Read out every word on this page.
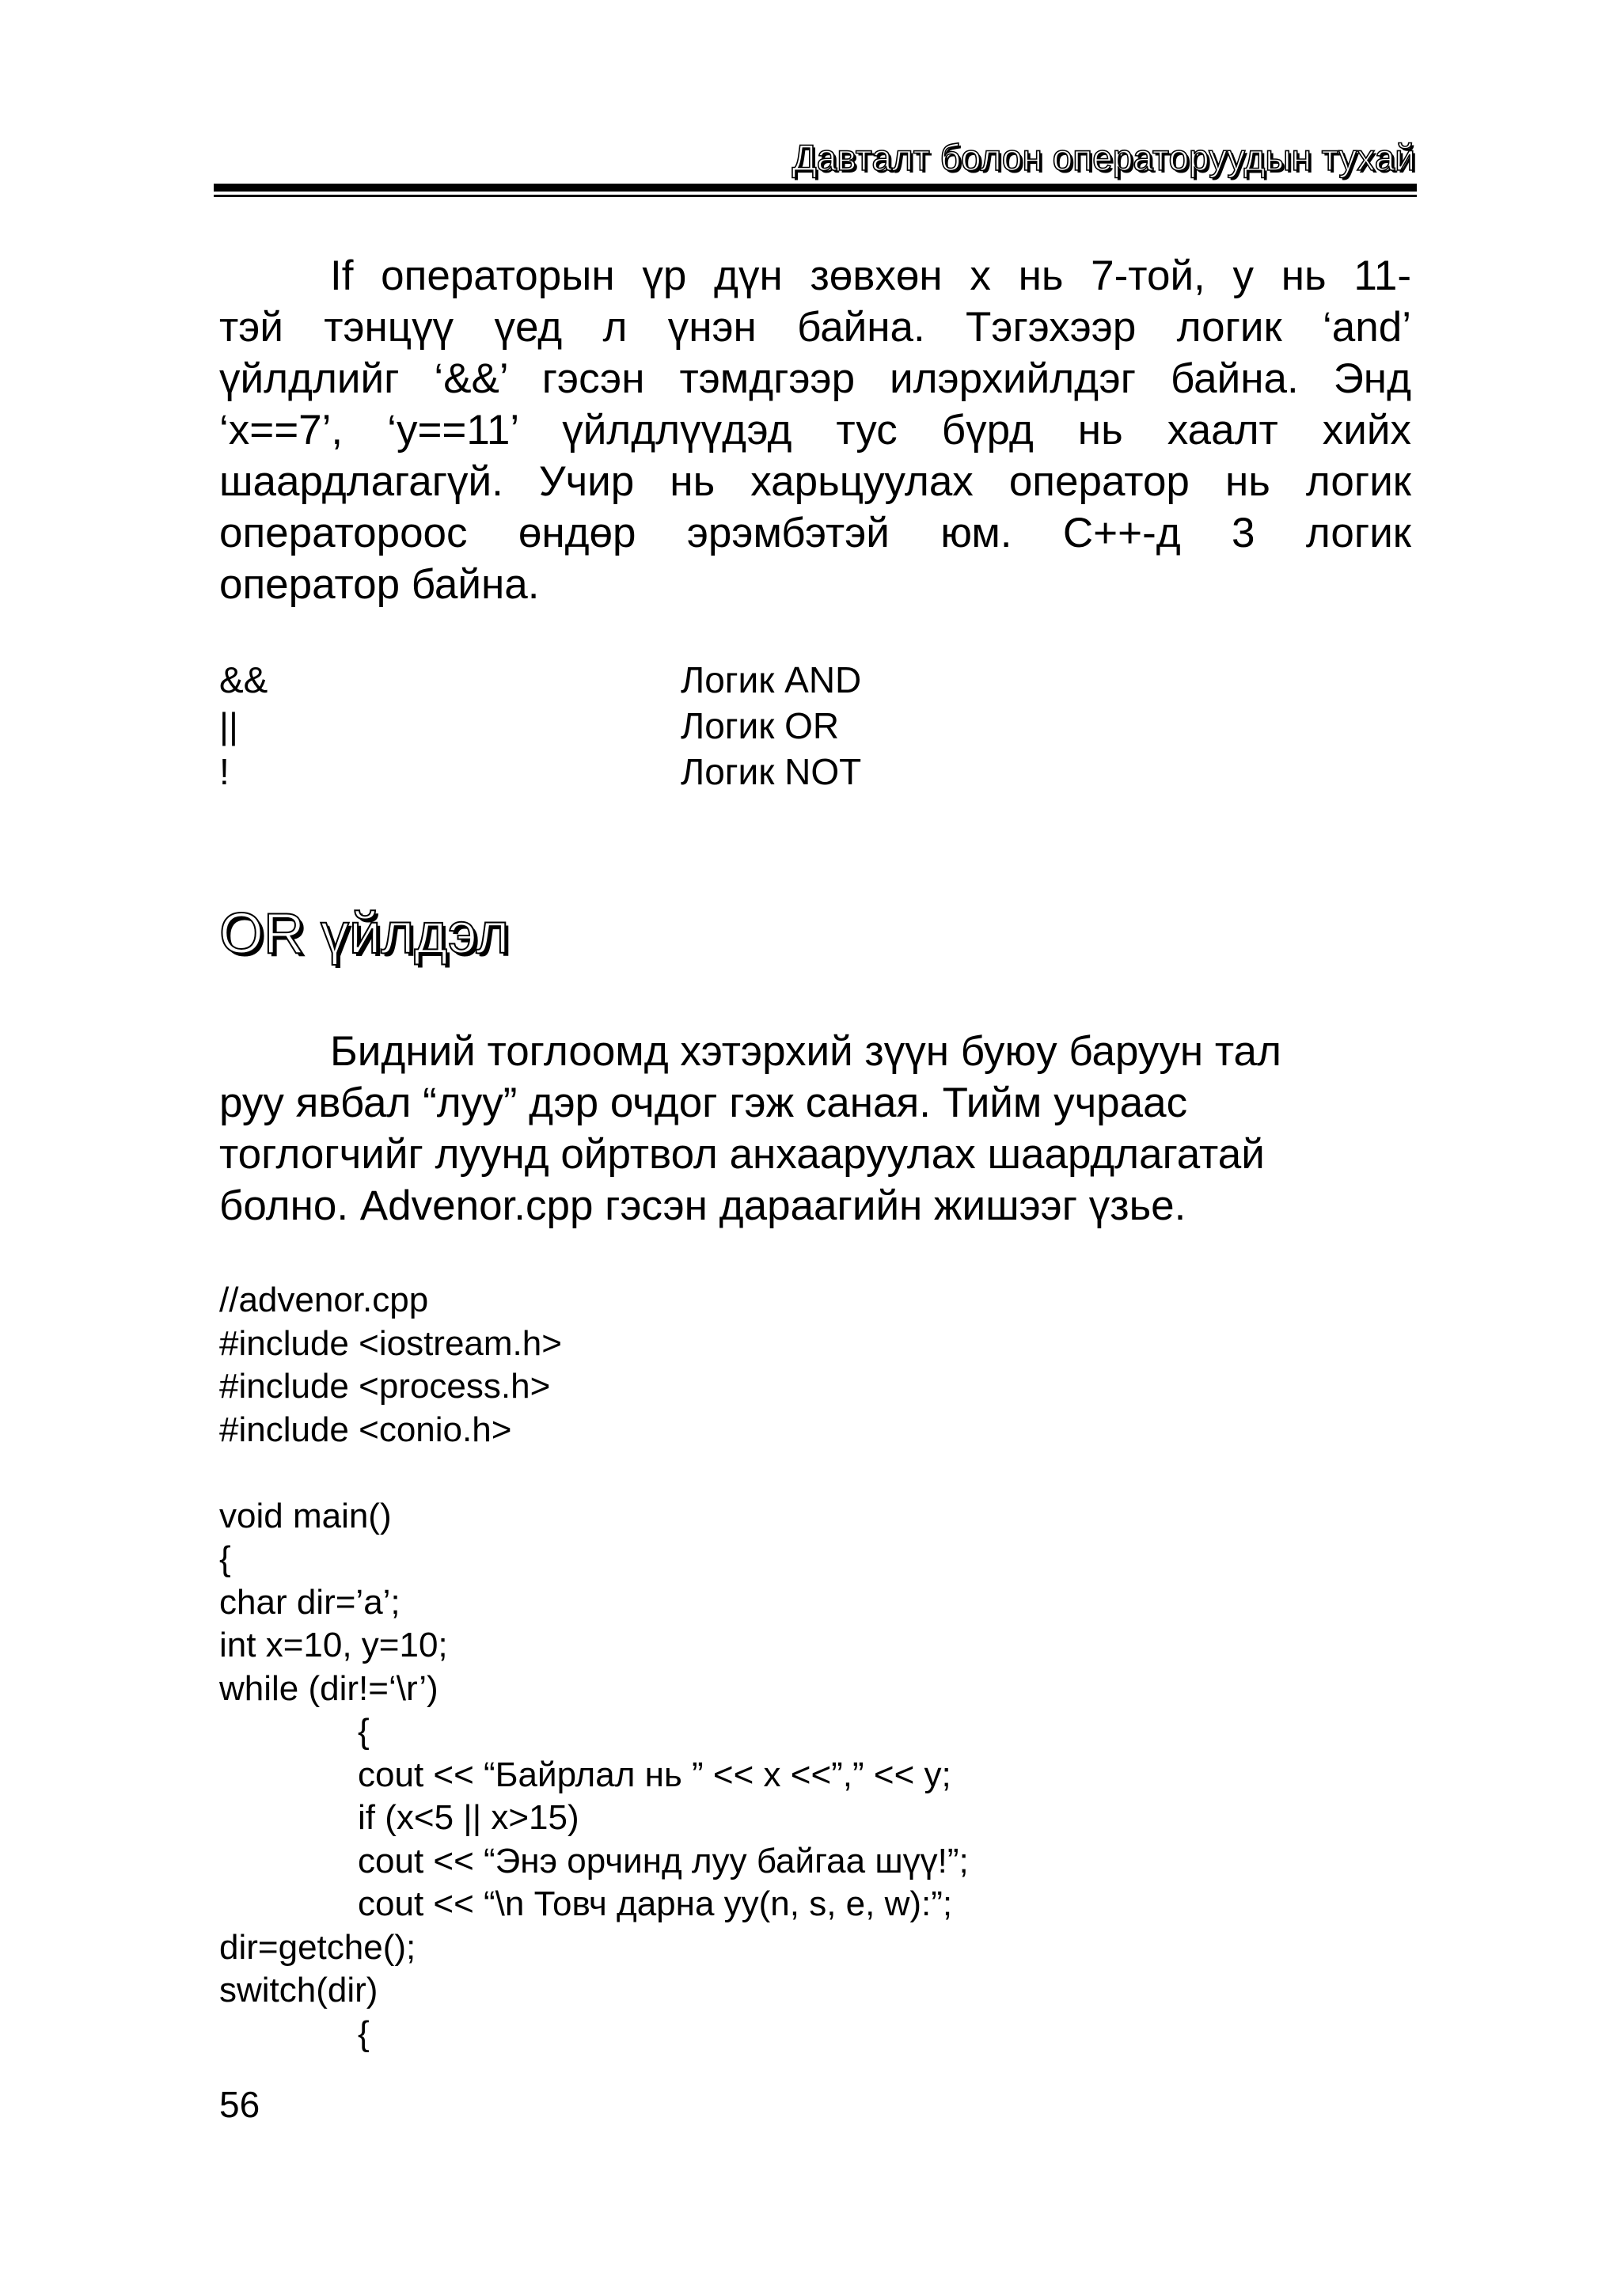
Давталт болон операторуудын тухай
If операторын үр дүн зөвхөн x нь 7-той, y нь 11-
тэй тэнцүү үед л үнэн байна. Тэгэхээр логик ‘and’
үйлдлийг ‘&&’ гэсэн тэмдгээр илэрхийлдэг байна. Энд
‘x==7’, ‘y==11’ үйлдлүүдэд тус бүрд нь хаалт хийх
шаардлагагүй. Учир нь харьцуулах оператор нь логик
оператороос өндөр эрэмбэтэй юм. C++-д 3 логик
оператор байна.
&&	Логик AND
||	Логик OR
!	Логик NOT
OR үйлдэл
Бидний тоглоомд хэтэрхий зүүн буюу баруун тал
руу явбал “луу” дэр очдог гэж саная. Тийм учраас
тоглогчийг луунд ойртвол анхааруулах шаардлагатай
болно. Advenor.cpp гэсэн дараагийн жишээг үзье.
//advenor.cpp
#include <iostream.h>
#include <process.h>
#include <conio.h>
void main()
{
char dir=’a’;
int x=10, y=10;
while (dir!=‘\r’)
{
cout << “Байрлал нь ” << x <<”,” << y;
if (x<5 || x>15)
cout << “Энэ орчинд луу байгаа шүү!”;
cout << “\n Товч дарна уу(n, s, e, w):”;
dir=getche();
switch(dir)
{
56
